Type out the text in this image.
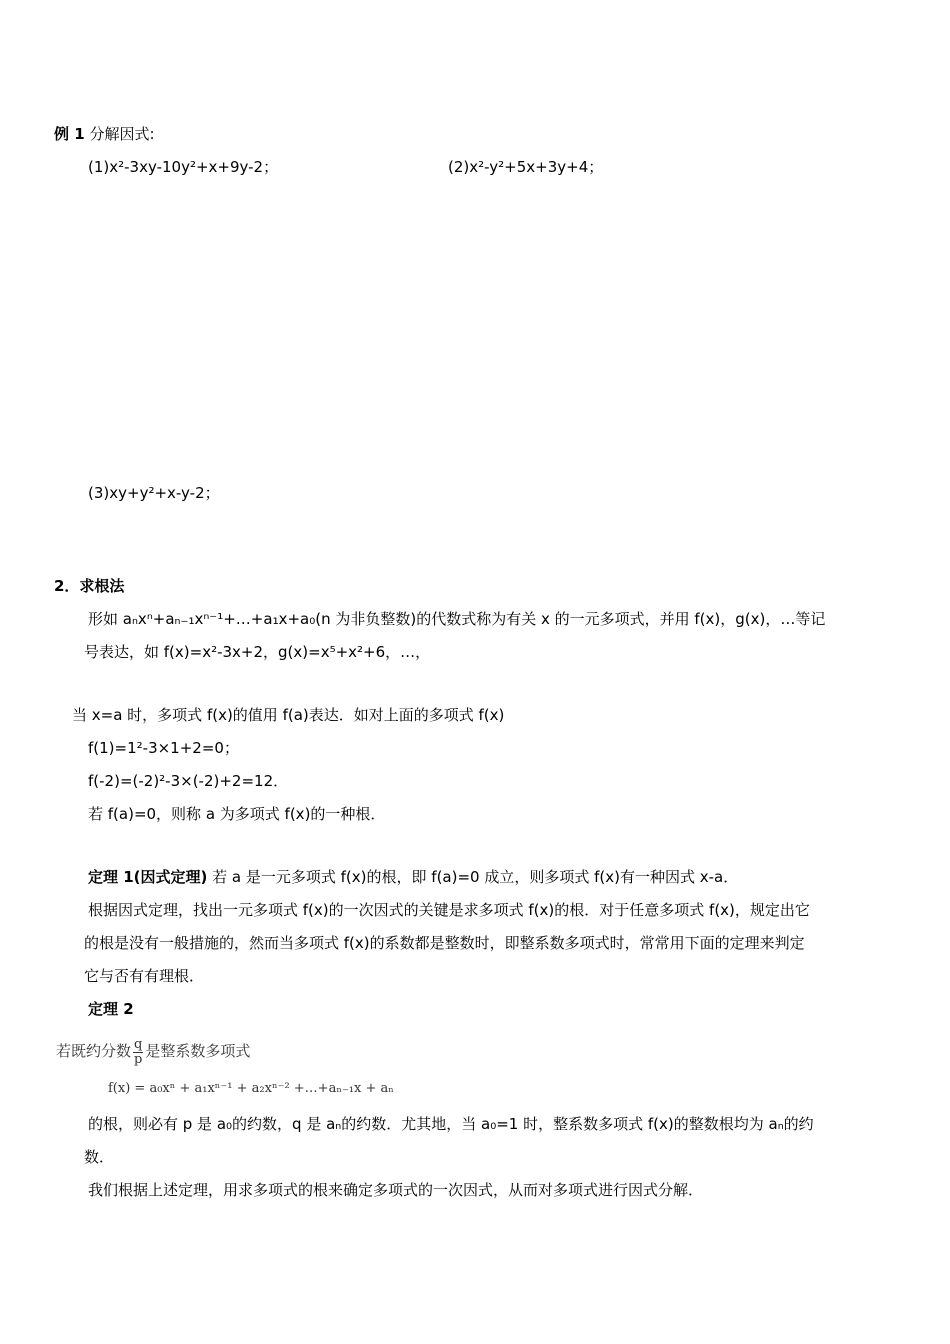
例 1 分解因式:
(1)x²-3xy-10y²+x+9y-2；	(2)x²-y²+5x+3y+4；
(3)xy+y²+x-y-2；
2．求根法
形如 aₙxⁿ+aₙ₋₁xⁿ⁻¹+…+a₁x+a₀(n 为非负整数)的代数式称为有关 x 的一元多项式，并用 f(x)，g(x)，…等记
号表达，如 f(x)=x²-3x+2，g(x)=x⁵+x²+6，…，
当 x=a 时，多项式 f(x)的值用 f(a)表达．如对上面的多项式 f(x)
f(1)=1²-3×1+2=0；
f(-2)=(-2)²-3×(-2)+2=12．
若 f(a)=0，则称 a 为多项式 f(x)的一种根．
定理 1(因式定理) 若 a 是一元多项式 f(x)的根，即 f(a)=0 成立，则多项式 f(x)有一种因式 x-a．
根据因式定理，找出一元多项式 f(x)的一次因式的关键是求多项式 f(x)的根．对于任意多项式 f(x)，规定出它
的根是没有一般措施的，然而当多项式 f(x)的系数都是整数时，即整系数多项式时，常常用下面的定理来判定
它与否有有理根．
定理 2
若既约分数 $\frac{q}{p}$ 是整系数多项式
f(x) = a₀xⁿ + a₁xⁿ⁻¹ + a₂xⁿ⁻² +…+aₙ₋₁x + aₙ
的根，则必有 p 是 a₀的约数，q 是 aₙ的约数．尤其地，当 a₀=1 时，整系数多项式 f(x)的整数根均为 aₙ的约
数．
我们根据上述定理，用求多项式的根来确定多项式的一次因式，从而对多项式进行因式分解．
